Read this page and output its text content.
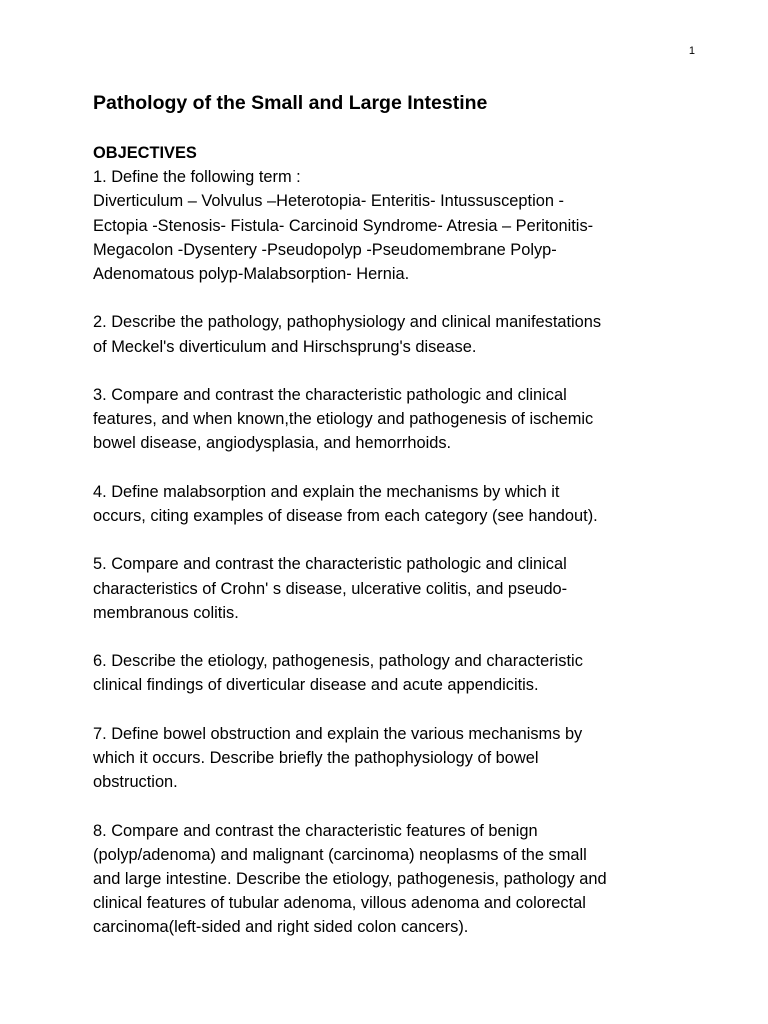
1
Pathology of the Small and Large Intestine
OBJECTIVES
1. Define the following term :
Diverticulum – Volvulus –Heterotopia- Enteritis- Intussusception -
Ectopia -Stenosis- Fistula- Carcinoid Syndrome- Atresia – Peritonitis-
Megacolon -Dysentery -Pseudopolyp -Pseudomembrane Polyp-
Adenomatous polyp-Malabsorption- Hernia.
2. Describe the pathology, pathophysiology and clinical manifestations
of Meckel's diverticulum and Hirschsprung's disease.
3. Compare and contrast the characteristic pathologic and clinical
features, and when known,the etiology and pathogenesis of ischemic
bowel disease, angiodysplasia, and hemorrhoids.
4. Define malabsorption and explain the mechanisms by which it
occurs, citing examples of disease from each category (see handout).
5. Compare and contrast the characteristic pathologic and clinical
characteristics of Crohn' s disease, ulcerative colitis, and pseudo-
membranous colitis.
6. Describe the etiology, pathogenesis, pathology and characteristic
clinical findings of diverticular disease and acute appendicitis.
7. Define bowel obstruction and explain the various mechanisms by
which it occurs. Describe briefly the pathophysiology of bowel
obstruction.
8. Compare and contrast the characteristic features of benign
(polyp/adenoma) and malignant (carcinoma) neoplasms of the small
and large intestine. Describe the etiology, pathogenesis, pathology and
clinical features of tubular adenoma, villous adenoma and colorectal
carcinoma(left-sided and right sided colon cancers).
